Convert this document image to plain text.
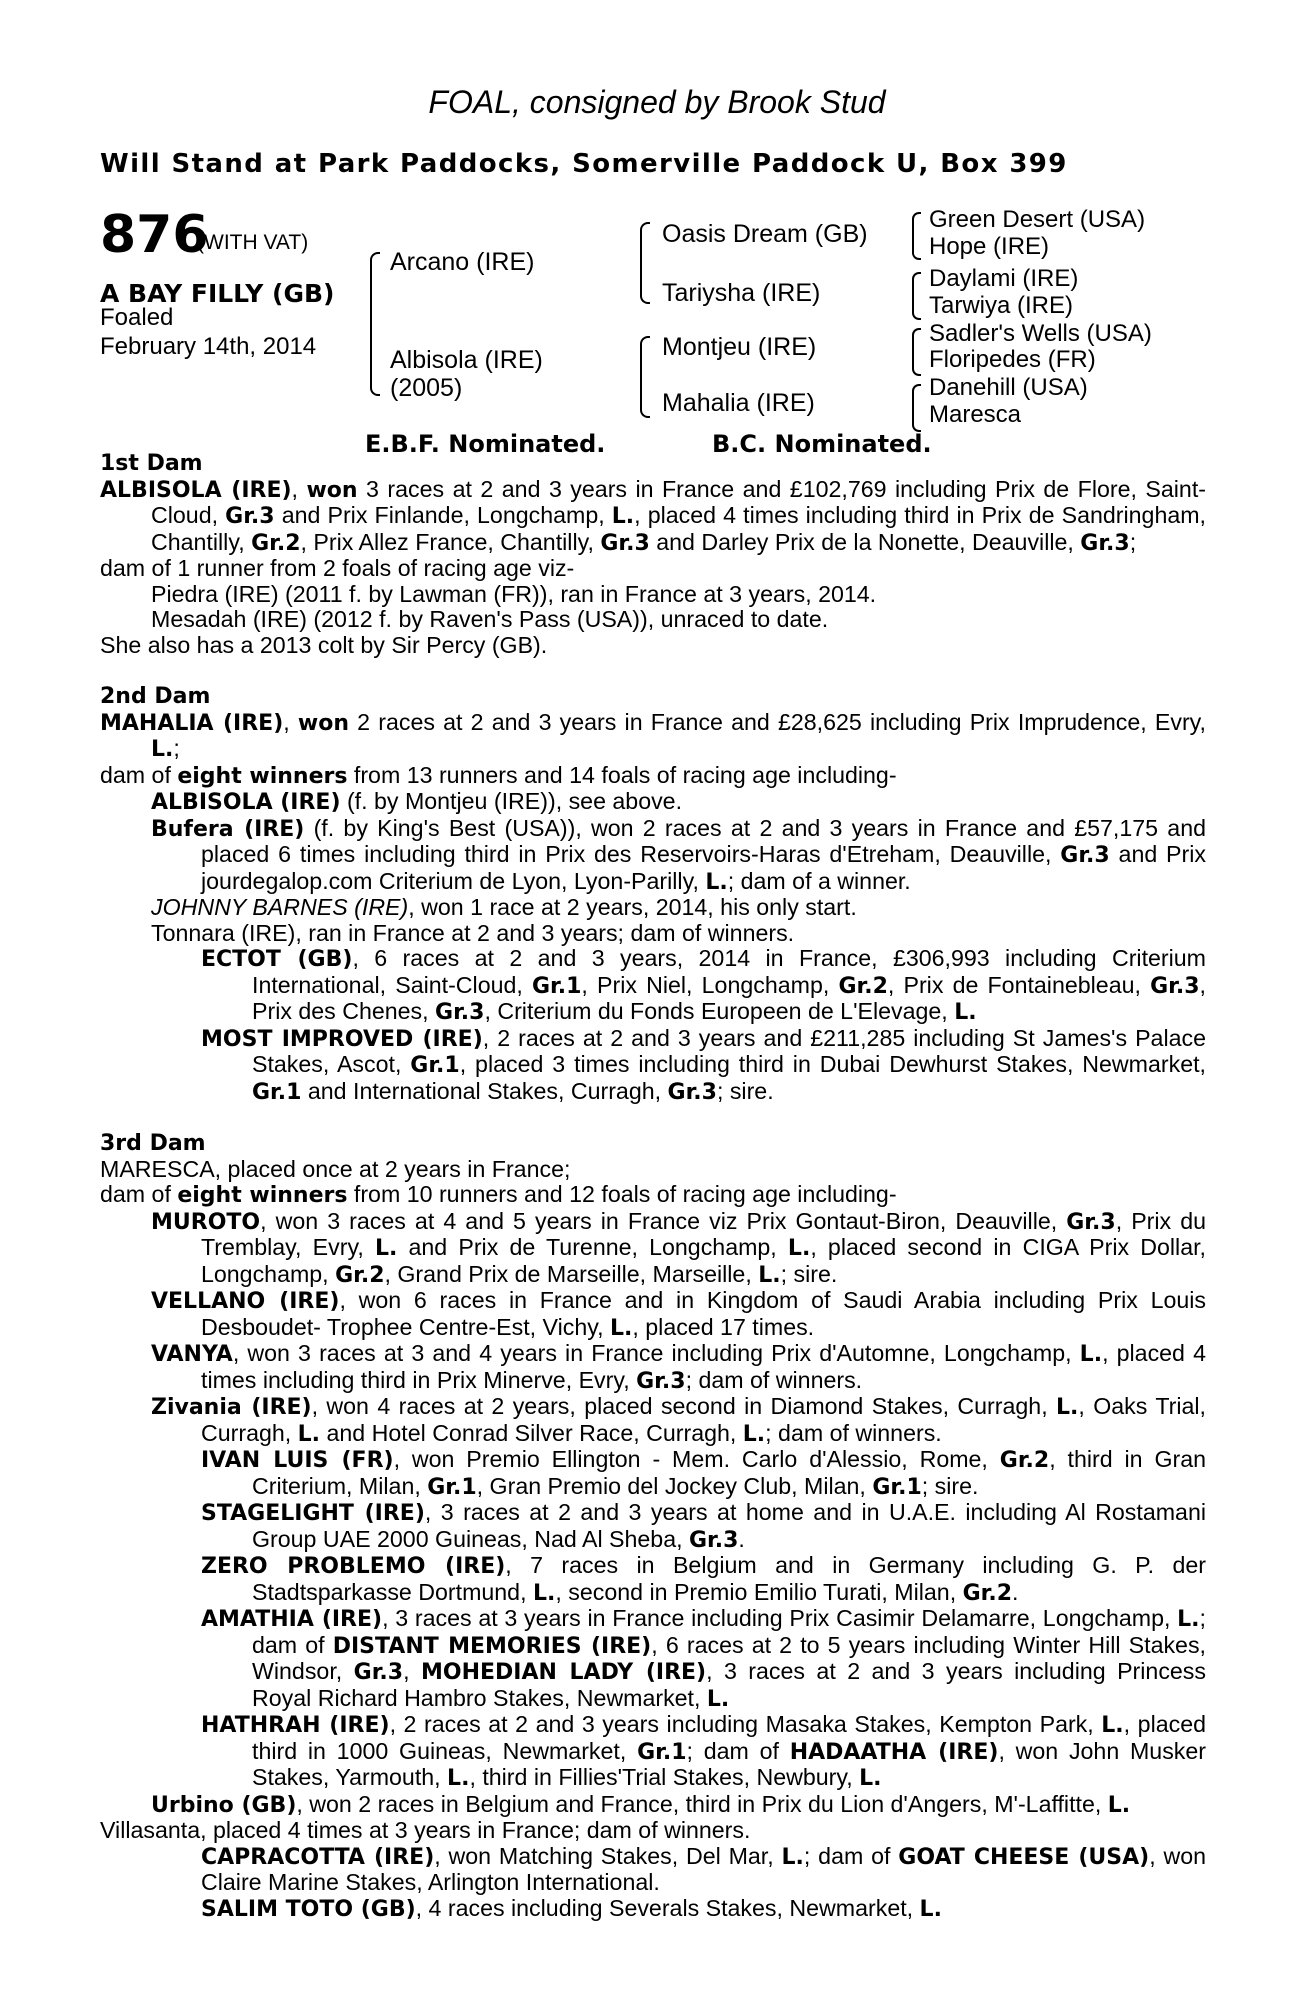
FOAL, consigned by Brook Stud
Will Stand at Park Paddocks, Somerville Paddock U, Box 399
876
(WITH VAT)
A BAY FILLY (GB)
Foaled
February 14th, 2014
Arcano (IRE)
Albisola (IRE)
(2005)
Oasis Dream (GB)
Tariysha (IRE)
Montjeu (IRE)
Mahalia (IRE)
Green Desert (USA)
Hope (IRE)
Daylami (IRE)
Tarwiya (IRE)
Sadler's Wells (USA)
Floripedes (FR)
Danehill (USA)
Maresca
E.B.F. Nominated.	B.C. Nominated.

1st Dam

ALBISOLA (IRE), won 3 races at 2 and 3 years in France and £102,769 including Prix de Flore, Saint-Cloud, Gr.3 and Prix Finlande, Longchamp, L., placed 4 times including third in Prix de Sandringham, Chantilly, Gr.2, Prix Allez France, Chantilly, Gr.3 and Darley Prix de la Nonette, Deauville, Gr.3;

dam of 1 runner from 2 foals of racing age viz-

Piedra (IRE) (2011 f. by Lawman (FR)), ran in France at 3 years, 2014.

Mesadah (IRE) (2012 f. by Raven's Pass (USA)), unraced to date.

She also has a 2013 colt by Sir Percy (GB).

2nd Dam

MAHALIA (IRE), won 2 races at 2 and 3 years in France and £28,625 including Prix Imprudence, Evry, L.;

dam of eight winners from 13 runners and 14 foals of racing age including-

ALBISOLA (IRE) (f. by Montjeu (IRE)), see above.

Bufera (IRE) (f. by King's Best (USA)), won 2 races at 2 and 3 years in France and £57,175 and placed 6 times including third in Prix des Reservoirs-Haras d'Etreham, Deauville, Gr.3 and Prix jourdegalop.com Criterium de Lyon, Lyon-Parilly, L.; dam of a winner.

JOHNNY BARNES (IRE), won 1 race at 2 years, 2014, his only start.

Tonnara (IRE), ran in France at 2 and 3 years; dam of winners.

ECTOT (GB), 6 races at 2 and 3 years, 2014 in France, £306,993 including Criterium International, Saint-Cloud, Gr.1, Prix Niel, Longchamp, Gr.2, Prix de Fontainebleau, Gr.3, Prix des Chenes, Gr.3, Criterium du Fonds Europeen de L'Elevage, L.

MOST IMPROVED (IRE), 2 races at 2 and 3 years and £211,285 including St James's Palace Stakes, Ascot, Gr.1, placed 3 times including third in Dubai Dewhurst Stakes, Newmarket, Gr.1 and International Stakes, Curragh, Gr.3; sire.

3rd Dam

MARESCA, placed once at 2 years in France;

dam of eight winners from 10 runners and 12 foals of racing age including-

MUROTO, won 3 races at 4 and 5 years in France viz Prix Gontaut-Biron, Deauville, Gr.3, Prix du Tremblay, Evry, L. and Prix de Turenne, Longchamp, L., placed second in CIGA Prix Dollar, Longchamp, Gr.2, Grand Prix de Marseille, Marseille, L.; sire.

VELLANO (IRE), won 6 races in France and in Kingdom of Saudi Arabia including Prix Louis Desboudet- Trophee Centre-Est, Vichy, L., placed 17 times.

VANYA, won 3 races at 3 and 4 years in France including Prix d'Automne, Longchamp, L., placed 4 times including third in Prix Minerve, Evry, Gr.3; dam of winners.

Zivania (IRE), won 4 races at 2 years, placed second in Diamond Stakes, Curragh, L., Oaks Trial, Curragh, L. and Hotel Conrad Silver Race, Curragh, L.; dam of winners.

IVAN LUIS (FR), won Premio Ellington - Mem. Carlo d'Alessio, Rome, Gr.2, third in Gran Criterium, Milan, Gr.1, Gran Premio del Jockey Club, Milan, Gr.1; sire.

STAGELIGHT (IRE), 3 races at 2 and 3 years at home and in U.A.E. including Al Rostamani Group UAE 2000 Guineas, Nad Al Sheba, Gr.3.

ZERO PROBLEMO (IRE), 7 races in Belgium and in Germany including G. P. der Stadtsparkasse Dortmund, L., second in Premio Emilio Turati, Milan, Gr.2.

AMATHIA (IRE), 3 races at 3 years in France including Prix Casimir Delamarre, Longchamp, L.; dam of DISTANT MEMORIES (IRE), 6 races at 2 to 5 years including Winter Hill Stakes, Windsor, Gr.3, MOHEDIAN LADY (IRE), 3 races at 2 and 3 years including Princess Royal Richard Hambro Stakes, Newmarket, L.

HATHRAH (IRE), 2 races at 2 and 3 years including Masaka Stakes, Kempton Park, L., placed third in 1000 Guineas, Newmarket, Gr.1; dam of HADAATHA (IRE), won John Musker Stakes, Yarmouth, L., third in Fillies'Trial Stakes, Newbury, L.

Urbino (GB), won 2 races in Belgium and France, third in Prix du Lion d'Angers, M'-Laffitte, L.

Villasanta, placed 4 times at 3 years in France; dam of winners.

CAPRACOTTA (IRE), won Matching Stakes, Del Mar, L.; dam of GOAT CHEESE (USA), won Claire Marine Stakes, Arlington International.

SALIM TOTO (GB), 4 races including Severals Stakes, Newmarket, L.
